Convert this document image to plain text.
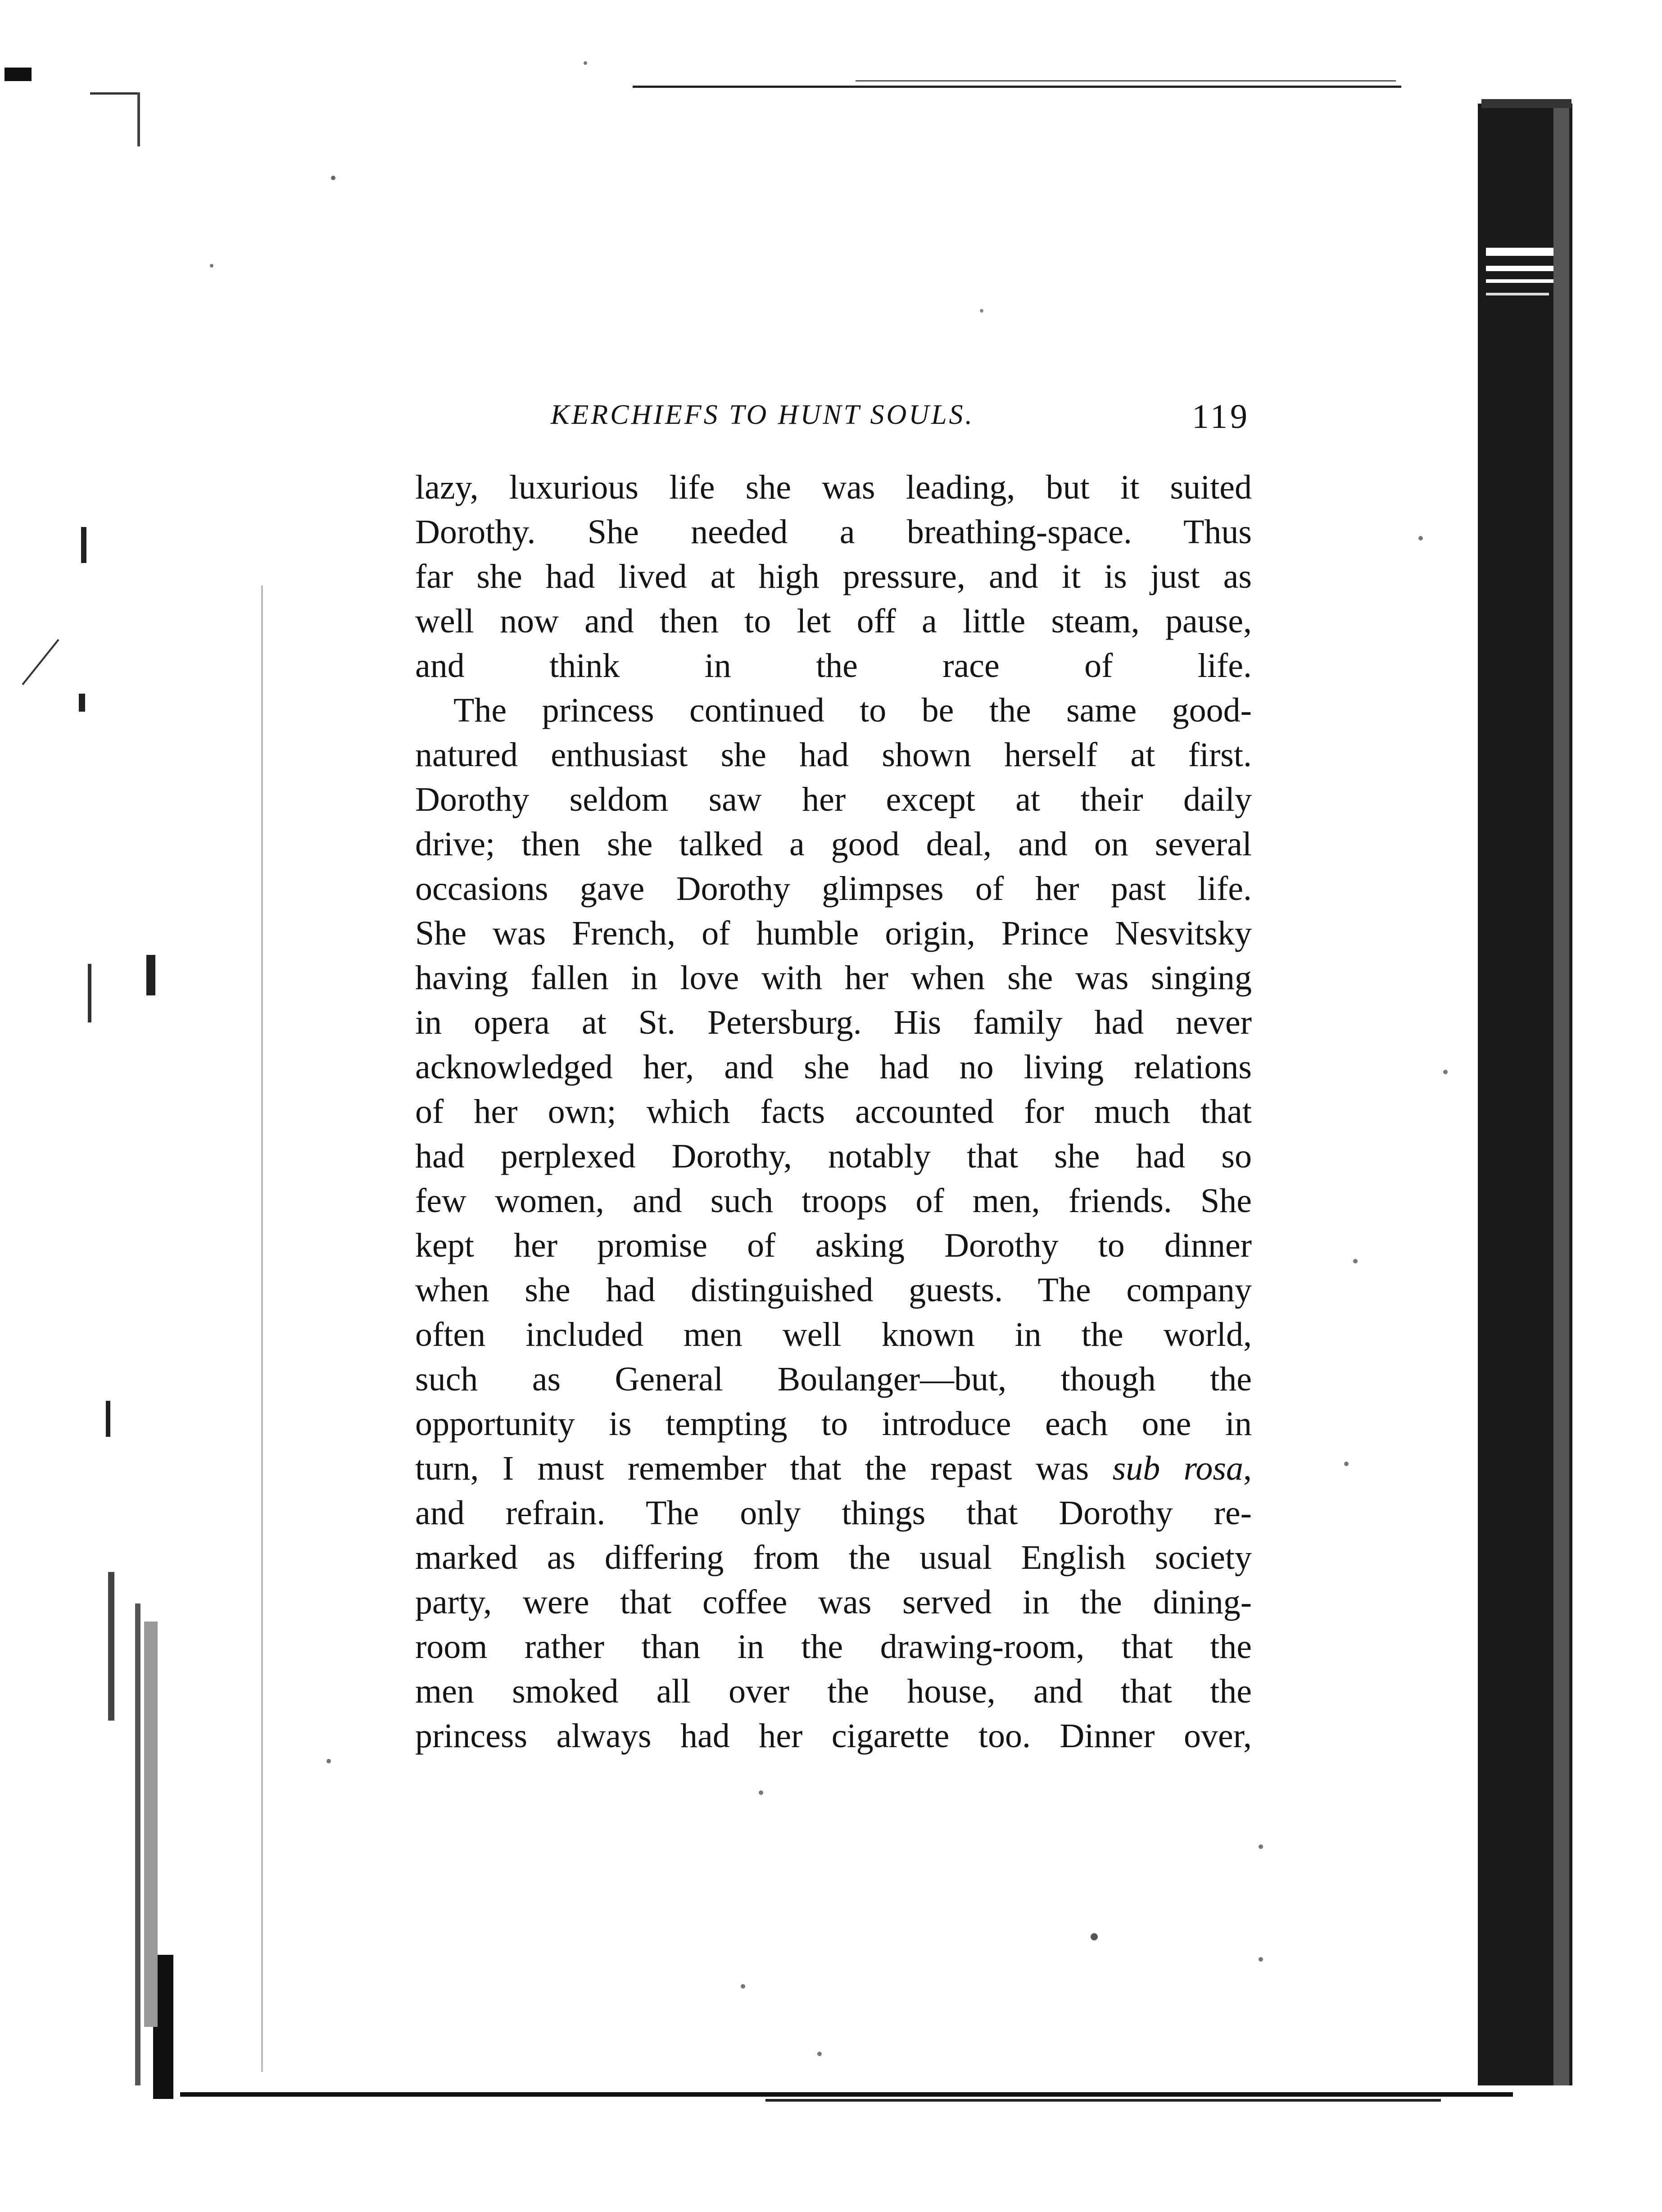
KERCHIEFS TO HUNT SOULS.	119
lazy, luxurious life she was leading, but it suited
Dorothy. She needed a breathing-space. Thus
far she had lived at high pressure, and it is just as
well now and then to let off a little steam, pause,
and think in the race of life.
The princess continued to be the same good-
natured enthusiast she had shown herself at first.
Dorothy seldom saw her except at their daily
drive; then she talked a good deal, and on several
occasions gave Dorothy glimpses of her past life.
She was French, of humble origin, Prince Nesvitsky
having fallen in love with her when she was singing
in opera at St. Petersburg. His family had never
acknowledged her, and she had no living relations
of her own; which facts accounted for much that
had perplexed Dorothy, notably that she had so
few women, and such troops of men, friends. She
kept her promise of asking Dorothy to dinner
when she had distinguished guests. The company
often included men well known in the world,
such as General Boulanger—but, though the
opportunity is tempting to introduce each one in
turn, I must remember that the repast was sub rosa,
and refrain. The only things that Dorothy re-
marked as differing from the usual English society
party, were that coffee was served in the dining-
room rather than in the drawing-room, that the
men smoked all over the house, and that the
princess always had her cigarette too. Dinner over,
